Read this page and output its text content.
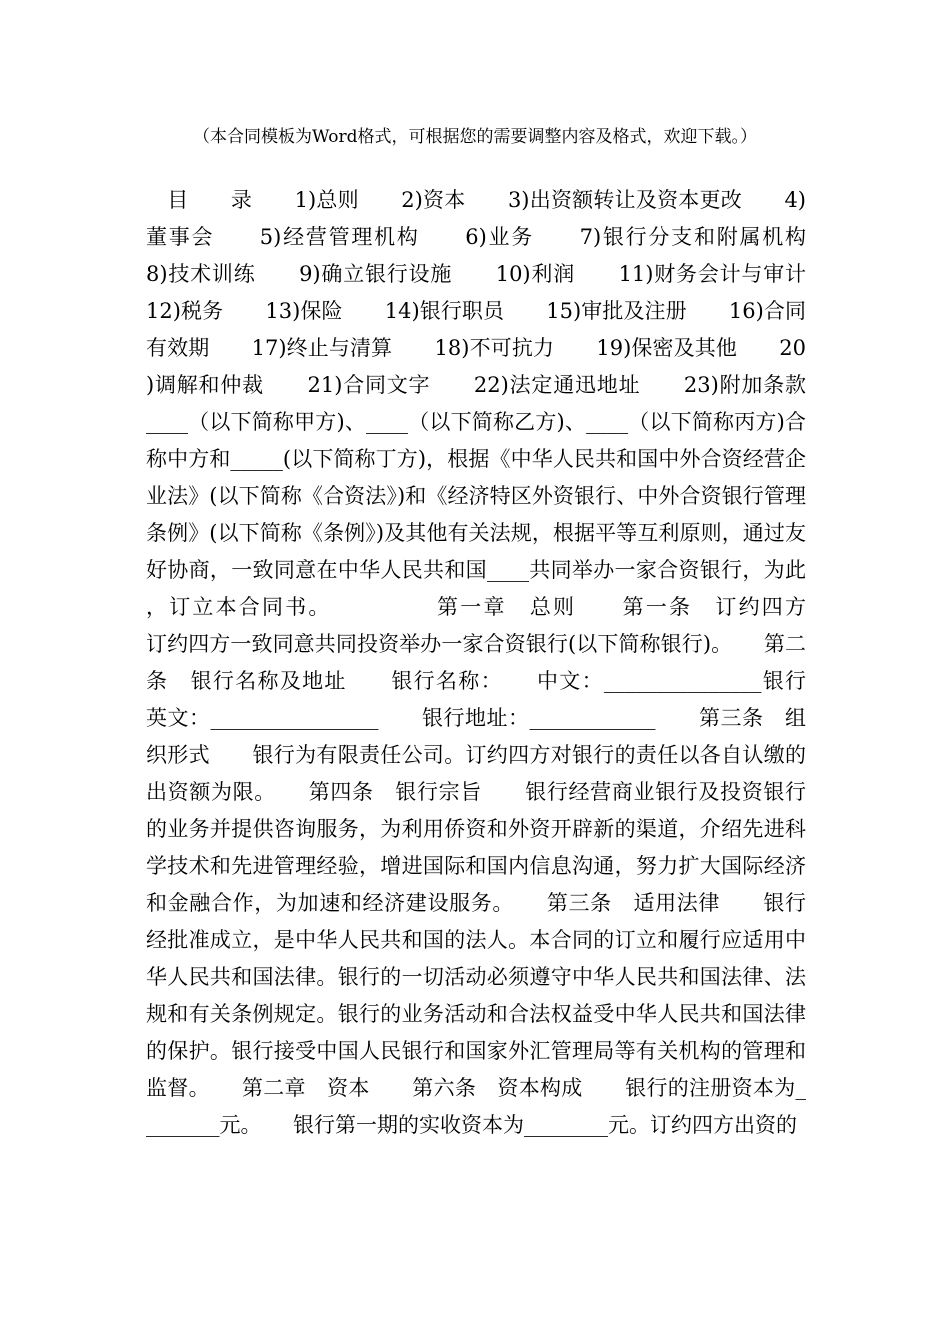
（本合同模板为Word格式，可根据您的需要调整内容及格式，欢迎下载。）

　目　　录　　1)总则　　2)资本　　3)出资额转让及资本更改　　4)董事会　　5)经营管理机构　　6)业务　　7)银行分支和附属机构　　8)技术训练　　9)确立银行设施　　10)利润　　11)财务会计与审计　　12)税务　　13)保险　　14)银行职员　　15)审批及注册　　16)合同有效期　　17)终止与清算　　18)不可抗力　　19)保密及其他　　20)调解和仲裁　　21)合同文字　　22)法定通迅地址　　23)附加条款　　____（以下简称甲方)、____（以下简称乙方)、____（以下简称丙方)合称中方和_____(以下简称丁方)，根据《中华人民共和国中外合资经营企业法》(以下简称《合资法》)和《经济特区外资银行、中外合资银行管理条例》(以下简称《条例》)及其他有关法规，根据平等互利原则，通过友好协商，一致同意在中华人民共和国____共同举办一家合资银行，为此，订立本合同书。　　　　　第一章　总则　　第一条　订约四方　　订约四方一致同意共同投资举办一家合资银行(以下简称银行)。　　第二条　银行名称及地址　　银行名称：　　中文：_______________银行　　英文：________________　　银行地址：____________　　第三条　组织形式　　银行为有限责任公司。订约四方对银行的责任以各自认缴的出资额为限。　　第四条　银行宗旨　　银行经营商业银行及投资银行的业务并提供咨询服务，为利用侨资和外资开辟新的渠道，介绍先进科学技术和先进管理经验，增进国际和国内信息沟通，努力扩大国际经济和金融合作，为加速和经济建设服务。　　第三条　适用法律　　银行经批准成立，是中华人民共和国的法人。本合同的订立和履行应适用中华人民共和国法律。银行的一切活动必须遵守中华人民共和国法律、法规和有关条例规定。银行的业务活动和合法权益受中华人民共和国法律的保护。银行接受中国人民银行和国家外汇管理局等有关机构的管理和监督。　　第二章　资本　　第六条　资本构成　　银行的注册资本为________元。　　银行第一期的实收资本为________元。订约四方出资的
